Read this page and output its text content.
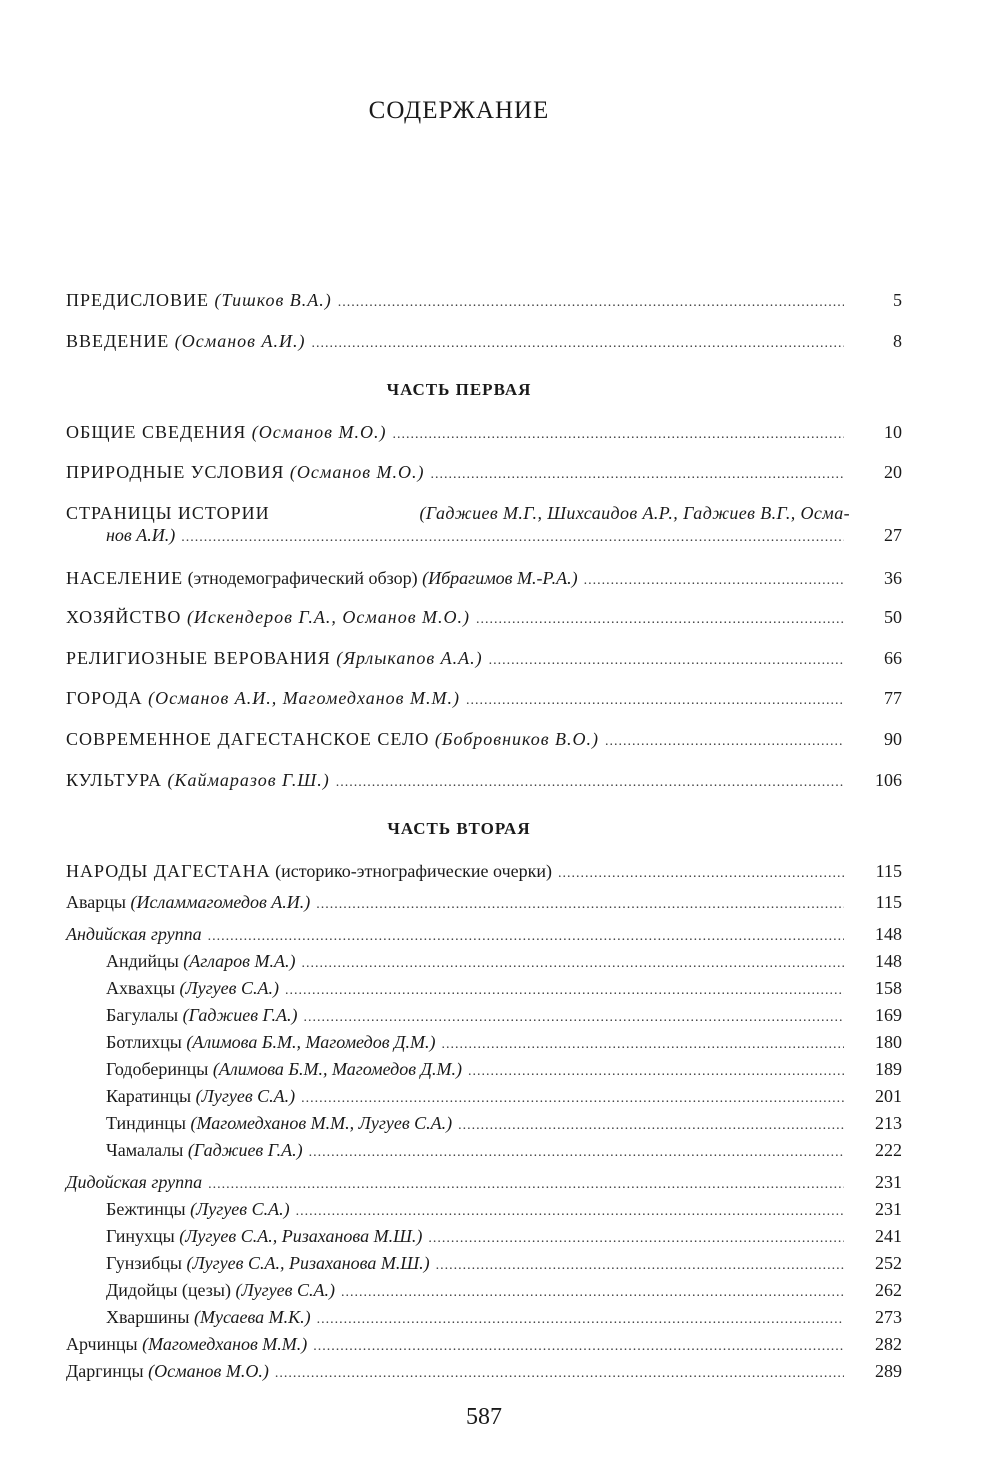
СОДЕРЖАНИЕ
ПРЕДИСЛОВИЕ (Тишков В.А.) .....	5
ВВЕДЕНИЕ (Османов А.И.) .....	8
ЧАСТЬ ПЕРВАЯ
ОБЩИЕ СВЕДЕНИЯ (Османов М.О.) .....	10
ПРИРОДНЫЕ УСЛОВИЯ (Османов М.О.) .....	20
СТРАНИЦЫ ИСТОРИИ	(Гаджиев М.Г., Шихсаидов А.Р., Гаджиев В.Г., Осма-
нов А.И.) .....	27
НАСЕЛЕНИЕ (этнодемографический обзор) (Ибрагимов М.-Р.А.) .....	36
ХОЗЯЙСТВО (Искендеров Г.А., Османов М.О.) .....	50
РЕЛИГИОЗНЫЕ ВЕРОВАНИЯ (Ярлыкапов А.А.) .....	66
ГОРОДА (Османов А.И., Магомедханов М.М.) .....	77
СОВРЕМЕННОЕ ДАГЕСТАНСКОЕ СЕЛО (Бобровников В.О.) .....	90
КУЛЬТУРА (Каймаразов Г.Ш.) .....	106
ЧАСТЬ ВТОРАЯ
НАРОДЫ ДАГЕСТАНА (историко-этнографические очерки) .....	115
Аварцы (Исламмагомедов А.И.) .....	115
Андийская группа .....	148
Андийцы (Агларов М.А.) .....	148
Ахвахцы (Лугуев С.А.) .....	158
Багулалы (Гаджиев Г.А.) .....	169
Ботлихцы (Алимова Б.М., Магомедов Д.М.) .....	180
Годоберинцы (Алимова Б.М., Магомедов Д.М.) .....	189
Каратинцы (Лугуев С.А.) .....	201
Тиндинцы (Магомедханов М.М., Лугуев С.А.) .....	213
Чамалалы (Гаджиев Г.А.) .....	222
Дидойская группа .....	231
Бежтинцы (Лугуев С.А.) .....	231
Гинухцы (Лугуев С.А., Ризаханова М.Ш.) .....	241
Гунзибцы (Лугуев С.А., Ризаханова М.Ш.) .....	252
Дидойцы (цезы) (Лугуев С.А.) .....	262
Хваршины (Мусаева М.К.) .....	273
Арчинцы (Магомедханов М.М.) .....	282
Даргинцы (Османов М.О.) .....	289
587
